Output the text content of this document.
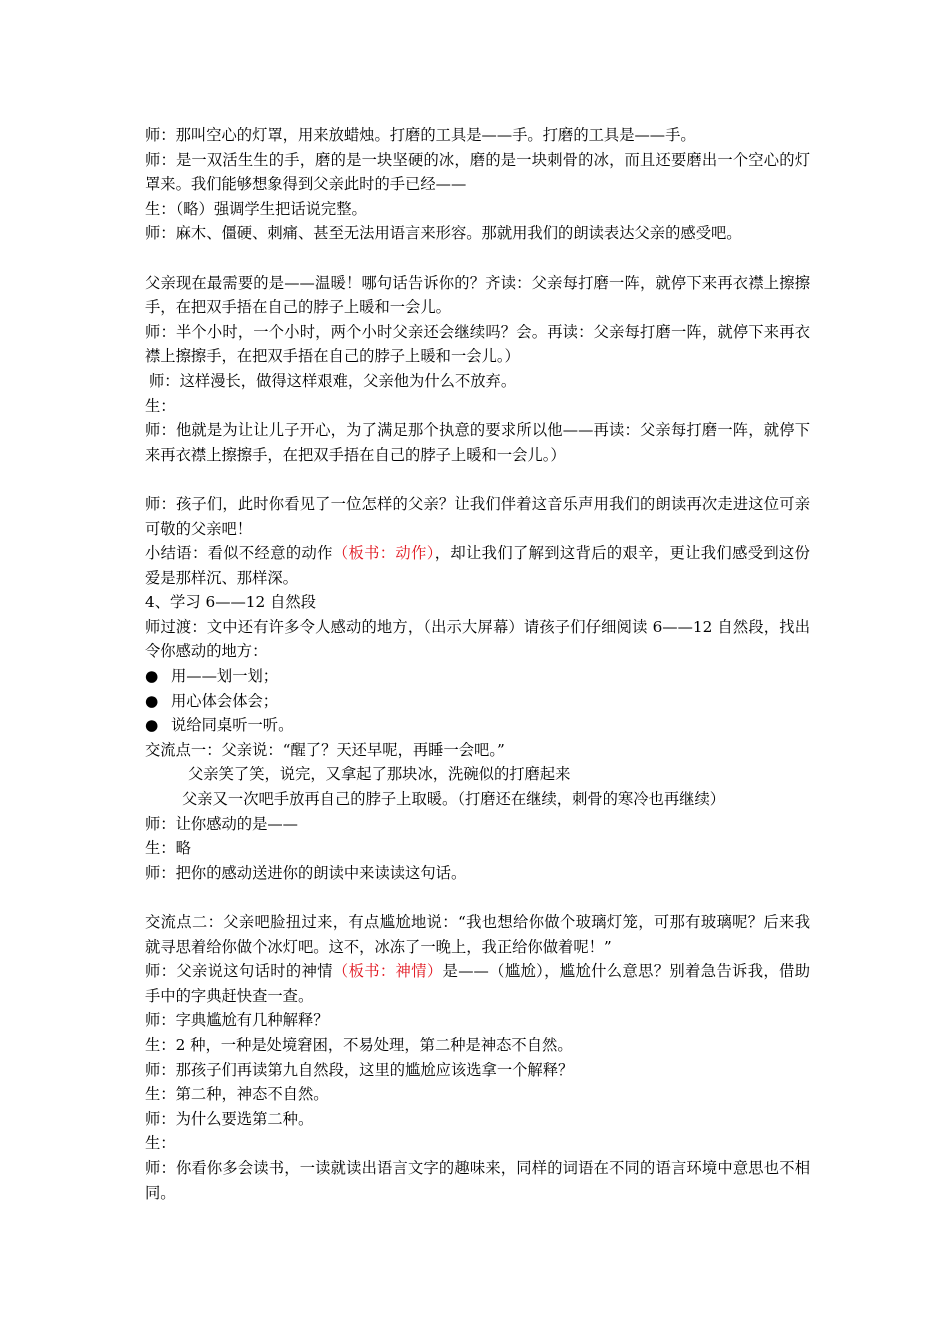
师：那叫空心的灯罩，用来放蜡烛。打磨的工具是——手。打磨的工具是——手。

师：是一双活生生的手，磨的是一块坚硬的冰，磨的是一块刺骨的冰，而且还要磨出一个空心的灯罩来。我们能够想象得到父亲此时的手已经——

生：（略）强调学生把话说完整。

师：麻木、僵硬、刺痛、甚至无法用语言来形容。那就用我们的朗读表达父亲的感受吧。

父亲现在最需要的是——温暖！哪句话告诉你的？齐读：父亲每打磨一阵，就停下来再衣襟上擦擦手，在把双手捂在自己的脖子上暖和一会儿。

师：半个小时，一个小时，两个小时父亲还会继续吗？会。再读：父亲每打磨一阵，就停下来再衣襟上擦擦手，在把双手捂在自己的脖子上暖和一会儿。）

师：这样漫长，做得这样艰难，父亲他为什么不放弃。

生：

师：他就是为让让儿子开心，为了满足那个执意的要求所以他——再读：父亲每打磨一阵，就停下来再衣襟上擦擦手，在把双手捂在自己的脖子上暖和一会儿。）

师：孩子们，此时你看见了一位怎样的父亲？让我们伴着这音乐声用我们的朗读再次走进这位可亲可敬的父亲吧！

小结语：看似不经意的动作（板书：动作），却让我们了解到这背后的艰辛，更让我们感受到这份爱是那样沉、那样深。

4、学习 6——12 自然段

师过渡：文中还有许多令人感动的地方，（出示大屏幕）请孩子们仔细阅读 6——12 自然段，找出令你感动的地方：

● 用——划一划；
● 用心体会体会；
● 说给同桌听一听。

交流点一：父亲说：“醒了？天还早呢，再睡一会吧。”

父亲笑了笑，说完，又拿起了那块冰，洗碗似的打磨起来

父亲又一次吧手放再自己的脖子上取暖。（打磨还在继续，刺骨的寒冷也再继续）

师：让你感动的是——

生：略

师：把你的感动送进你的朗读中来读读这句话。

交流点二：父亲吧脸扭过来，有点尴尬地说：“我也想给你做个玻璃灯笼，可那有玻璃呢？后来我就寻思着给你做个冰灯吧。这不，冰冻了一晚上，我正给你做着呢！”

师：父亲说这句话时的神情（板书：神情）是——（尴尬），尴尬什么意思？别着急告诉我，借助手中的字典赶快查一查。

师：字典尴尬有几种解释？

生：2 种，一种是处境窘困，不易处理，第二种是神态不自然。

师：那孩子们再读第九自然段，这里的尴尬应该选拿一个解释？

生：第二种，神态不自然。

师：为什么要选第二种。

生：

师：你看你多会读书，一读就读出语言文字的趣味来，同样的词语在不同的语言环境中意思也不相同。
